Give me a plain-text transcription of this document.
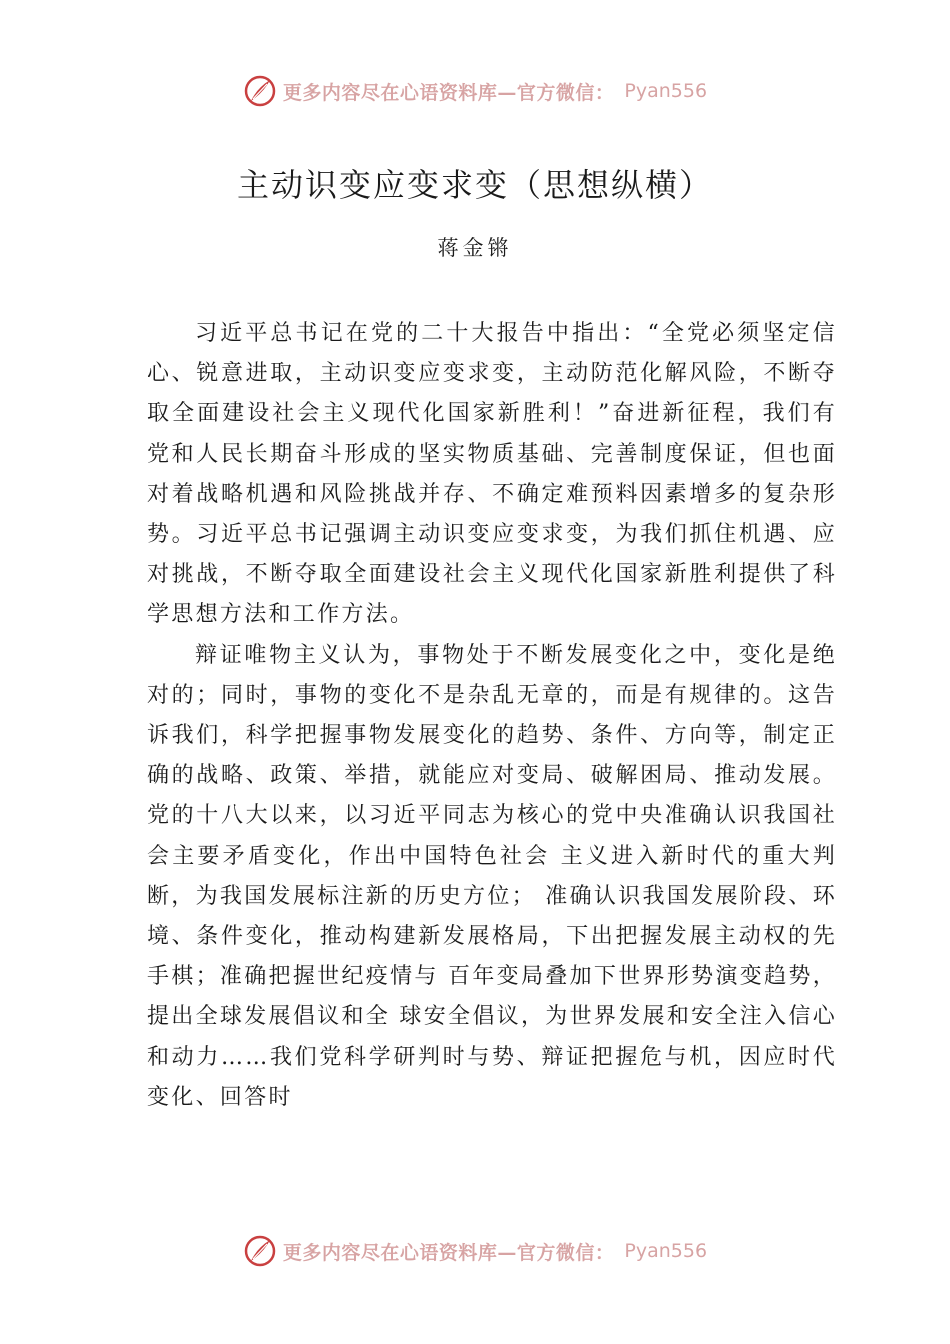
更多内容尽在心语资料库—官方微信： Pyan556
主动识变应变求变（思想纵横）
蒋金锵

习近平总书记在党的二十大报告中指出：“全党必须坚定信心、锐意进取，主动识变应变求变，主动防范化解风险，不断夺取全面建设社会主义现代化国家新胜利！”奋进新征程，我们有党和人民长期奋斗形成的坚实物质基础、完善制度保证，但也面对着战略机遇和风险挑战并存、不确定难预料因素增多的复杂形势。习近平总书记强调主动识变应变求变，为我们抓住机遇、应对挑战，不断夺取全面建设社会主义现代化国家新胜利提供了科学思想方法和工作方法。

辩证唯物主义认为，事物处于不断发展变化之中，变化是绝对的；同时，事物的变化不是杂乱无章的，而是有规律的。这告诉我们，科学把握事物发展变化的趋势、条件、方向等，制定正确的战略、政策、举措，就能应对变局、破解困局、推动发展。党的十八大以来，以习近平同志为核心的党中央准确认识我国社会主要矛盾变化，作出中国特色社会 主义进入新时代的重大判断，为我国发展标注新的历史方位； 准确认识我国发展阶段、环境、条件变化，推动构建新发展格局，下出把握发展主动权的先手棋；准确把握世纪疫情与 百年变局叠加下世界形势演变趋势，提出全球发展倡议和全 球安全倡议，为世界发展和安全注入信心和动力……我们党科学研判时与势、辩证把握危与机，因应时代变化、回答时

更多内容尽在心语资料库—官方微信： Pyan556
